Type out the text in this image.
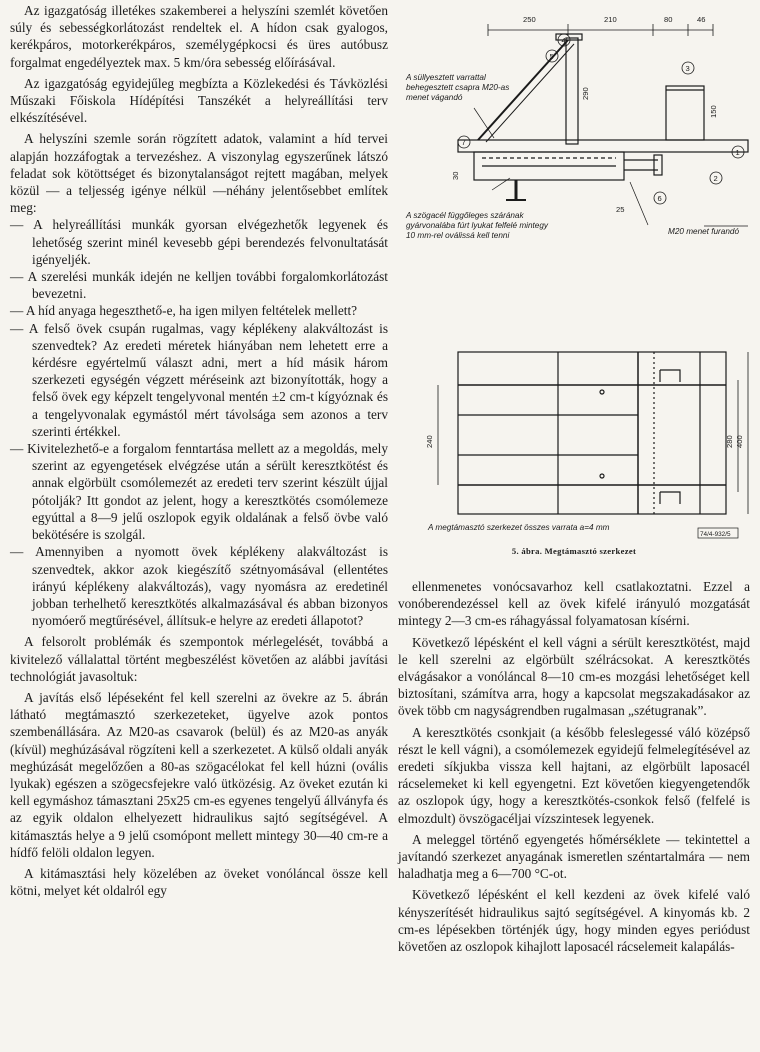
Az igazgatóság illetékes szakemberei a helyszíni szemlét követően súly és sebességkorlátozást rendeltek el. A hídon csak gyalogos, kerékpáros, motorkerékpáros, személygépkocsi és üres autóbusz forgalmat engedélyeztek max. 5 km/óra sebesség előírásával.

Az igazgatóság egyidejűleg megbízta a Közlekedési és Távközlési Műszaki Főiskola Hídépítési Tanszékét a helyreállítási terv elkészítésével.

A helyszíni szemle során rögzített adatok, valamint a híd tervei alapján hozzáfogtak a tervezéshez. A viszonylag egyszerűnek látszó feladat sok kötöttséget és bizonytalanságot rejtett magában, melyek közül — a teljesség igénye nélkül —néhány jelentősebbet említek meg:

— A helyreállítási munkák gyorsan elvégezhetők legyenek és lehetőség szerint minél kevesebb gépi berendezés felvonultatását igényeljék.

— A szerelési munkák idején ne kelljen további forgalomkorlátozást bevezetni.

— A híd anyaga hegeszthető-e, ha igen milyen feltételek mellett?

— A felső övek csupán rugalmas, vagy képlékeny alakváltozást is szenvedtek? Az eredeti méretek hiányában nem lehetett erre a kérdésre egyértelmű választ adni, mert a híd másik három szerkezeti egységén végzett méréseink azt bizonyították, hogy a felső övek egy képzelt tengelyvonal mentén ±2 cm-t kígyóznak és a tengelyvonalak egymástól mért távolsága sem azonos a terv szerinti értékkel.

— Kivitelezhető-e a forgalom fenntartása mellett az a megoldás, mely szerint az egyengetések elvégzése után a sérült keresztkötést és annak elgörbült csomólemezét az eredeti terv szerint készült újjal pótolják? Itt gondot az jelent, hogy a keresztkötés csomólemeze egyúttal a 8—9 jelű oszlopok egyik oldalának a felső övbe való bekötésére is szolgál.

— Amennyiben a nyomott övek képlékeny alakváltozást is szenvedtek, akkor azok kiegészítő szétnyomásával (ellentétes irányú képlékeny alakváltozás), vagy nyomásra az eredetinél jobban terhelhető keresztkötés alkalmazásával és abban bizonyos nyomóerő megtűrésével, állítsuk-e helyre az eredeti állapotot?

A felsorolt problémák és szempontok mérlegelését, továbbá a kivitelező vállalattal történt megbeszélést követően az alábbi javítási technológiát javasoltuk:

A javítás első lépéseként fel kell szerelni az övekre az 5. ábrán látható megtámasztó szerkezeteket, ügyelve azok pontos szembenállására. Az M20-as csavarok (belül) és az M20-as anyák (kívül) meghúzásával rögzíteni kell a szerkezetet. A külső oldali anyák meghúzását megelőzően a 80-as szögacélokat fel kell húzni (ovális lyukak) egészen a szögecsfejekre való ütközésig. Az öveket ezután ki kell egymáshoz támasztani 25x25 cm-es egyenes tengelyű állványfa és az egyik oldalon elhelyezett hidraulikus sajtó segítségével. A kitámasztás helye a 9 jelű csomópont mellett mintegy 30—40 cm-re a hídfő felöli oldalon legyen.

A kitámasztási hely közelében az öveket vonóláncal össze kell kötni, melyet két oldalról egy

250	210	80	46
290
150
30
25
240	280 400
4
5
3
1
2
6
7
A süllyesztett varrattal behegesztett csapra M20-as menet vágandó
A szögacél függőleges szárának gyárvonalába fúrt lyukat felfelé mintegy 10 mm-rel oválissá kell tenni	M20 menet furandó
A megtámasztó szerkezet összes varrata a=4 mm
74/4-932/5
5. ábra. Megtámasztó szerkezet

ellenmenetes vonócsavarhoz kell csatlakoztatni. Ezzel a vonóberendezéssel kell az övek kifelé irányuló mozgatását mintegy 2—3 cm-es ráhagyással folyamatosan kísérni.

Következő lépésként el kell vágni a sérült keresztkötést, majd le kell szerelni az elgörbült szélrácsokat. A keresztkötés elvágásakor a vonóláncal 8—10 cm-es mozgási lehetőséget kell biztosítani, számítva arra, hogy a kapcsolat megszakadásakor az övek több cm nagyságrendben rugalmasan „szétugranak”.

A keresztkötés csonkjait (a később feleslegessé váló középső részt le kell vágni), a csomólemezek egyidejű felmelegítésével az eredeti síkjukba vissza kell hajtani, az elgörbült laposacél rácselemeket ki kell egyengetni. Ezt követően kiegyengetendők az oszlopok úgy, hogy a keresztkötés-csonkok felső (felfelé is elmozdult) övszögacéljai vízszintesek legyenek.

A meleggel történő egyengetés hőmérséklete — tekintettel a javítandó szerkezet anyagának ismeretlen széntartalmára — nem haladhatja meg a 6—700 °C-ot.

Következő lépésként el kell kezdeni az övek kifelé való kényszerítését hidraulikus sajtó segítségével. A kinyomás kb. 2 cm-es lépésekben történjék úgy, hogy minden egyes periódust követően az oszlopok kihajlott laposacél rácselemeit kalapálás-
